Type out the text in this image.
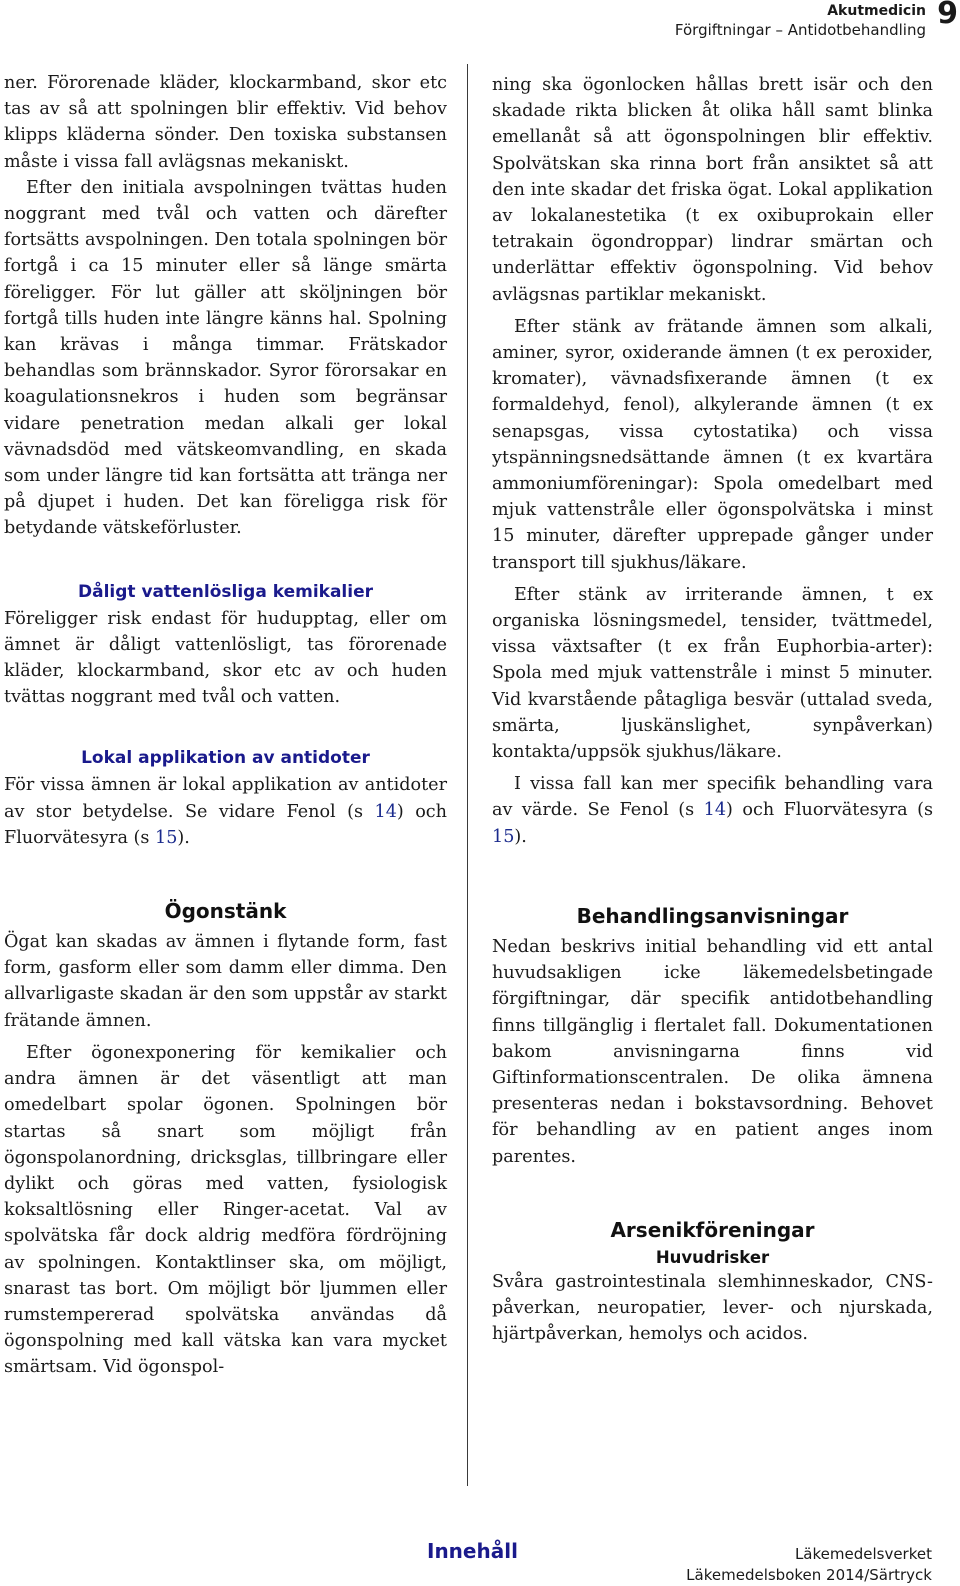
Akutmedicin
Förgiftningar – Antidotbehandling 9

ner. Förorenade kläder, klockarmband, skor etc tas av så att spolningen blir effektiv. Vid behov klipps kläderna sönder. Den toxiska substansen måste i vissa fall avlägsnas mekaniskt.

Efter den initiala avspolningen tvättas huden noggrant med tvål och vatten och därefter fortsätts avspolningen. Den totala spolningen bör fortgå i ca 15 minuter eller så länge smärta föreligger. För lut gäller att sköljningen bör fortgå tills huden inte längre känns hal. Spolning kan krävas i många timmar. Frätskador behandlas som brännskador. Syror förorsakar en koagulationsnekros i huden som begränsar vidare penetration medan alkali ger lokal vävnadsdöd med vätskeomvandling, en skada som under längre tid kan fortsätta att tränga ner på djupet i huden. Det kan föreligga risk för betydande vätskeförluster.

Dåligt vattenlösliga kemikalier

Föreligger risk endast för hudupptag, eller om ämnet är dåligt vattenlösligt, tas förorenade kläder, klockarmband, skor etc av och huden tvättas noggrant med tvål och vatten.

Lokal applikation av antidoter

För vissa ämnen är lokal applikation av antidoter av stor betydelse. Se vidare Fenol (s 14) och Fluorvätesyra (s 15).

Ögonstänk

Ögat kan skadas av ämnen i flytande form, fast form, gasform eller som damm eller dimma. Den allvarligaste skadan är den som uppstår av starkt frätande ämnen.

Efter ögonexponering för kemikalier och andra ämnen är det väsentligt att man omedelbart spolar ögonen. Spolningen bör startas så snart som möjligt från ögonspolanordning, dricksglas, tillbringare eller dylikt och göras med vatten, fysiologisk koksaltlösning eller Ringer-acetat. Val av spolvätska får dock aldrig medföra fördröjning av spolningen. Kontaktlinser ska, om möjligt, snarast tas bort. Om möjligt bör ljummen eller rumstempererad spolvätska användas då ögonspolning med kall vätska kan vara mycket smärtsam. Vid ögonspol-

ning ska ögonlocken hållas brett isär och den skadade rikta blicken åt olika håll samt blinka emellanåt så att ögonspolningen blir effektiv. Spolvätskan ska rinna bort från ansiktet så att den inte skadar det friska ögat. Lokal applikation av lokalanestetika (t ex oxibuprokain eller tetrakain ögondroppar) lindrar smärtan och underlättar effektiv ögonspolning. Vid behov avlägsnas partiklar mekaniskt.

Efter stänk av frätande ämnen som alkali, aminer, syror, oxiderande ämnen (t ex peroxider, kromater), vävnadsfixerande ämnen (t ex formaldehyd, fenol), alkylerande ämnen (t ex senapsgas, vissa cytostatika) och vissa ytspänningsnedsättande ämnen (t ex kvartära ammoniumföreningar): Spola omedelbart med mjuk vattenstråle eller ögonspolvätska i minst 15 minuter, därefter upprepade gånger under transport till sjukhus/läkare.

Efter stänk av irriterande ämnen, t ex organiska lösningsmedel, tensider, tvättmedel, vissa växtsafter (t ex från Euphorbia-arter): Spola med mjuk vattenstråle i minst 5 minuter. Vid kvarstående påtagliga besvär (uttalad sveda, smärta, ljuskänslighet, synpåverkan) kontakta/uppsök sjukhus/läkare.

I vissa fall kan mer specifik behandling vara av värde. Se Fenol (s 14) och Fluorvätesyra (s 15).

Behandlingsanvisningar

Nedan beskrivs initial behandling vid ett antal huvudsakligen icke läkemedelsbetingade förgiftningar, där specifik antidotbehandling finns tillgänglig i flertalet fall. Dokumentationen bakom anvisningarna finns vid Giftinformationscentralen. De olika ämnena presenteras nedan i bokstavsordning. Behovet för behandling av en patient anges inom parentes.

Arsenikföreningar
Huvudrisker

Svåra gastrointestinala slemhinneskador, CNS-påverkan, neuropatier, lever- och njurskada, hjärtpåverkan, hemolys och acidos.

Innehåll	Läkemedelsverket
Läkemedelsboken 2014/Särtryck
